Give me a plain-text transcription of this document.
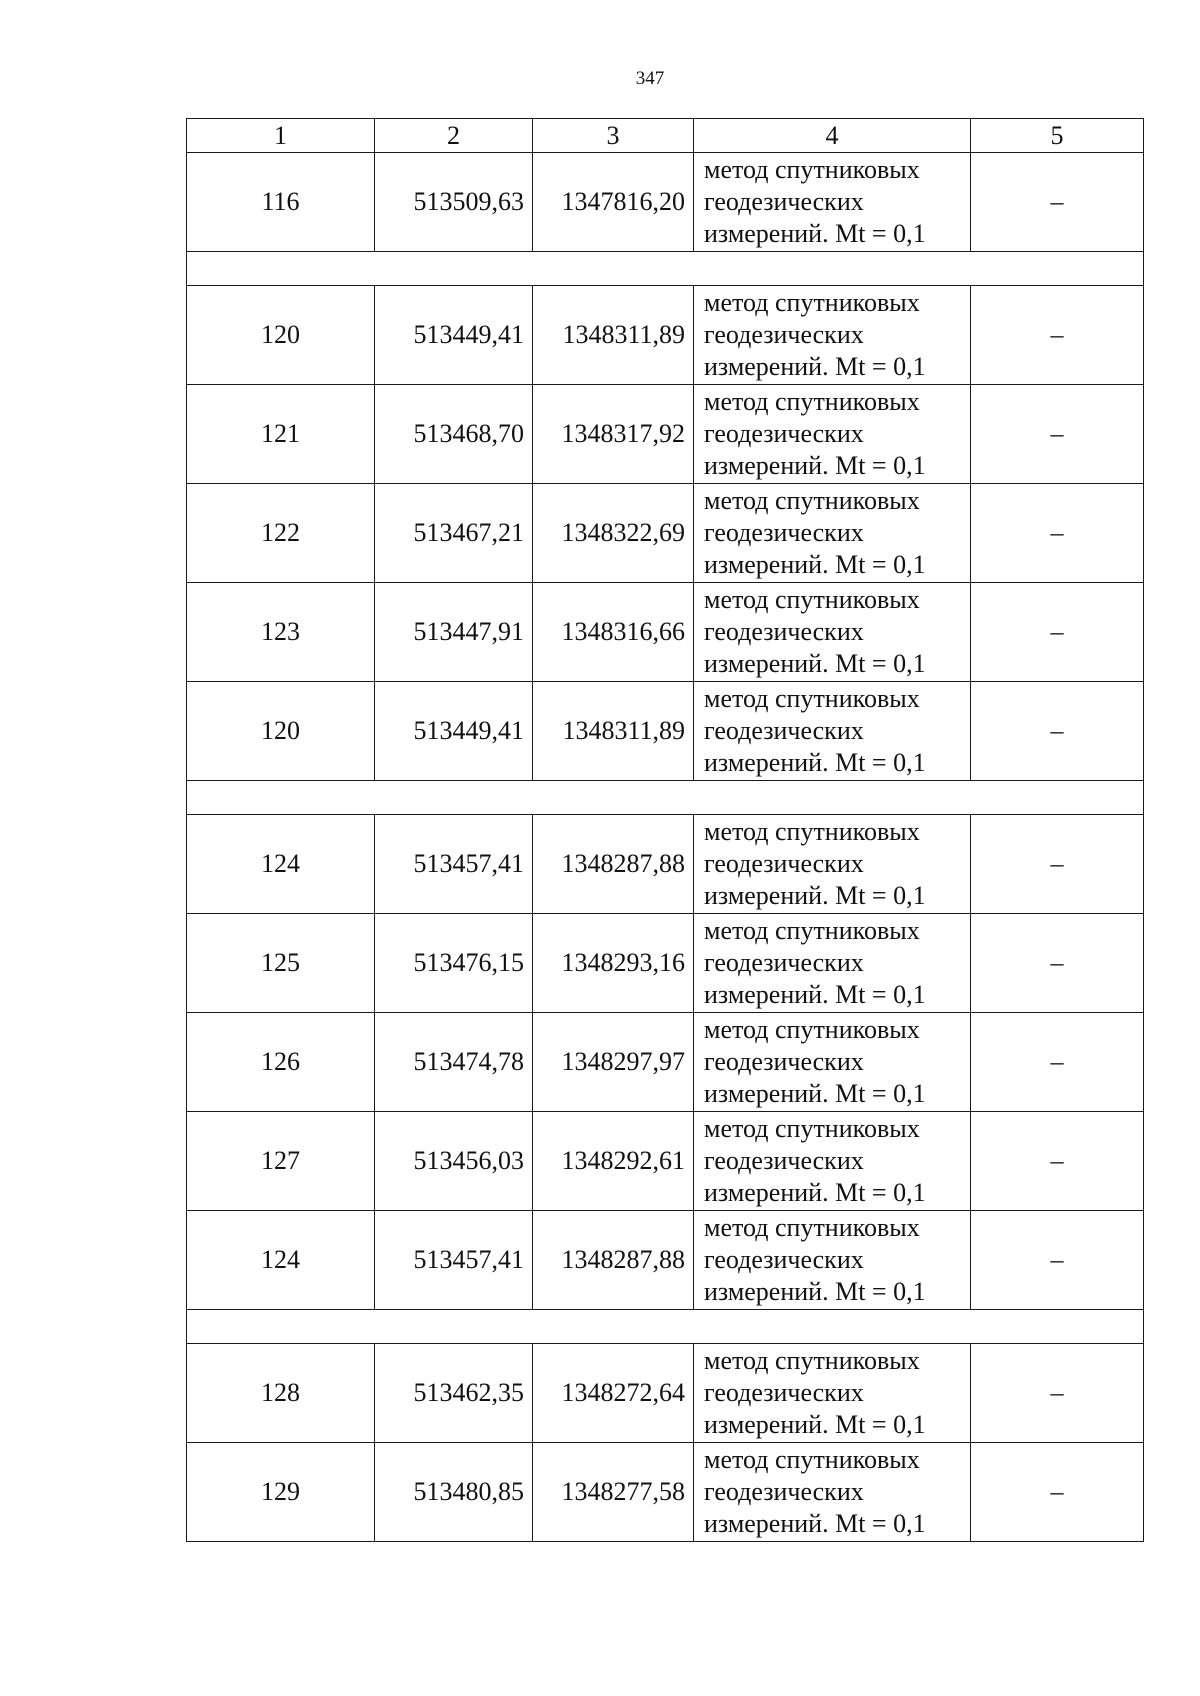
347
1	2	3	4	5
116	513509,63	1347816,20	метод спутниковых
геодезических
измерений. Mt = 0,1	–

120	513449,41	1348311,89	метод спутниковых
геодезических
измерений. Mt = 0,1	–
121	513468,70	1348317,92	метод спутниковых
геодезических
измерений. Mt = 0,1	–
122	513467,21	1348322,69	метод спутниковых
геодезических
измерений. Mt = 0,1	–
123	513447,91	1348316,66	метод спутниковых
геодезических
измерений. Mt = 0,1	–
120	513449,41	1348311,89	метод спутниковых
геодезических
измерений. Mt = 0,1	–

124	513457,41	1348287,88	метод спутниковых
геодезических
измерений. Mt = 0,1	–
125	513476,15	1348293,16	метод спутниковых
геодезических
измерений. Mt = 0,1	–
126	513474,78	1348297,97	метод спутниковых
геодезических
измерений. Mt = 0,1	–
127	513456,03	1348292,61	метод спутниковых
геодезических
измерений. Mt = 0,1	–
124	513457,41	1348287,88	метод спутниковых
геодезических
измерений. Mt = 0,1	–

128	513462,35	1348272,64	метод спутниковых
геодезических
измерений. Mt = 0,1	–
129	513480,85	1348277,58	метод спутниковых
геодезических
измерений. Mt = 0,1	–
